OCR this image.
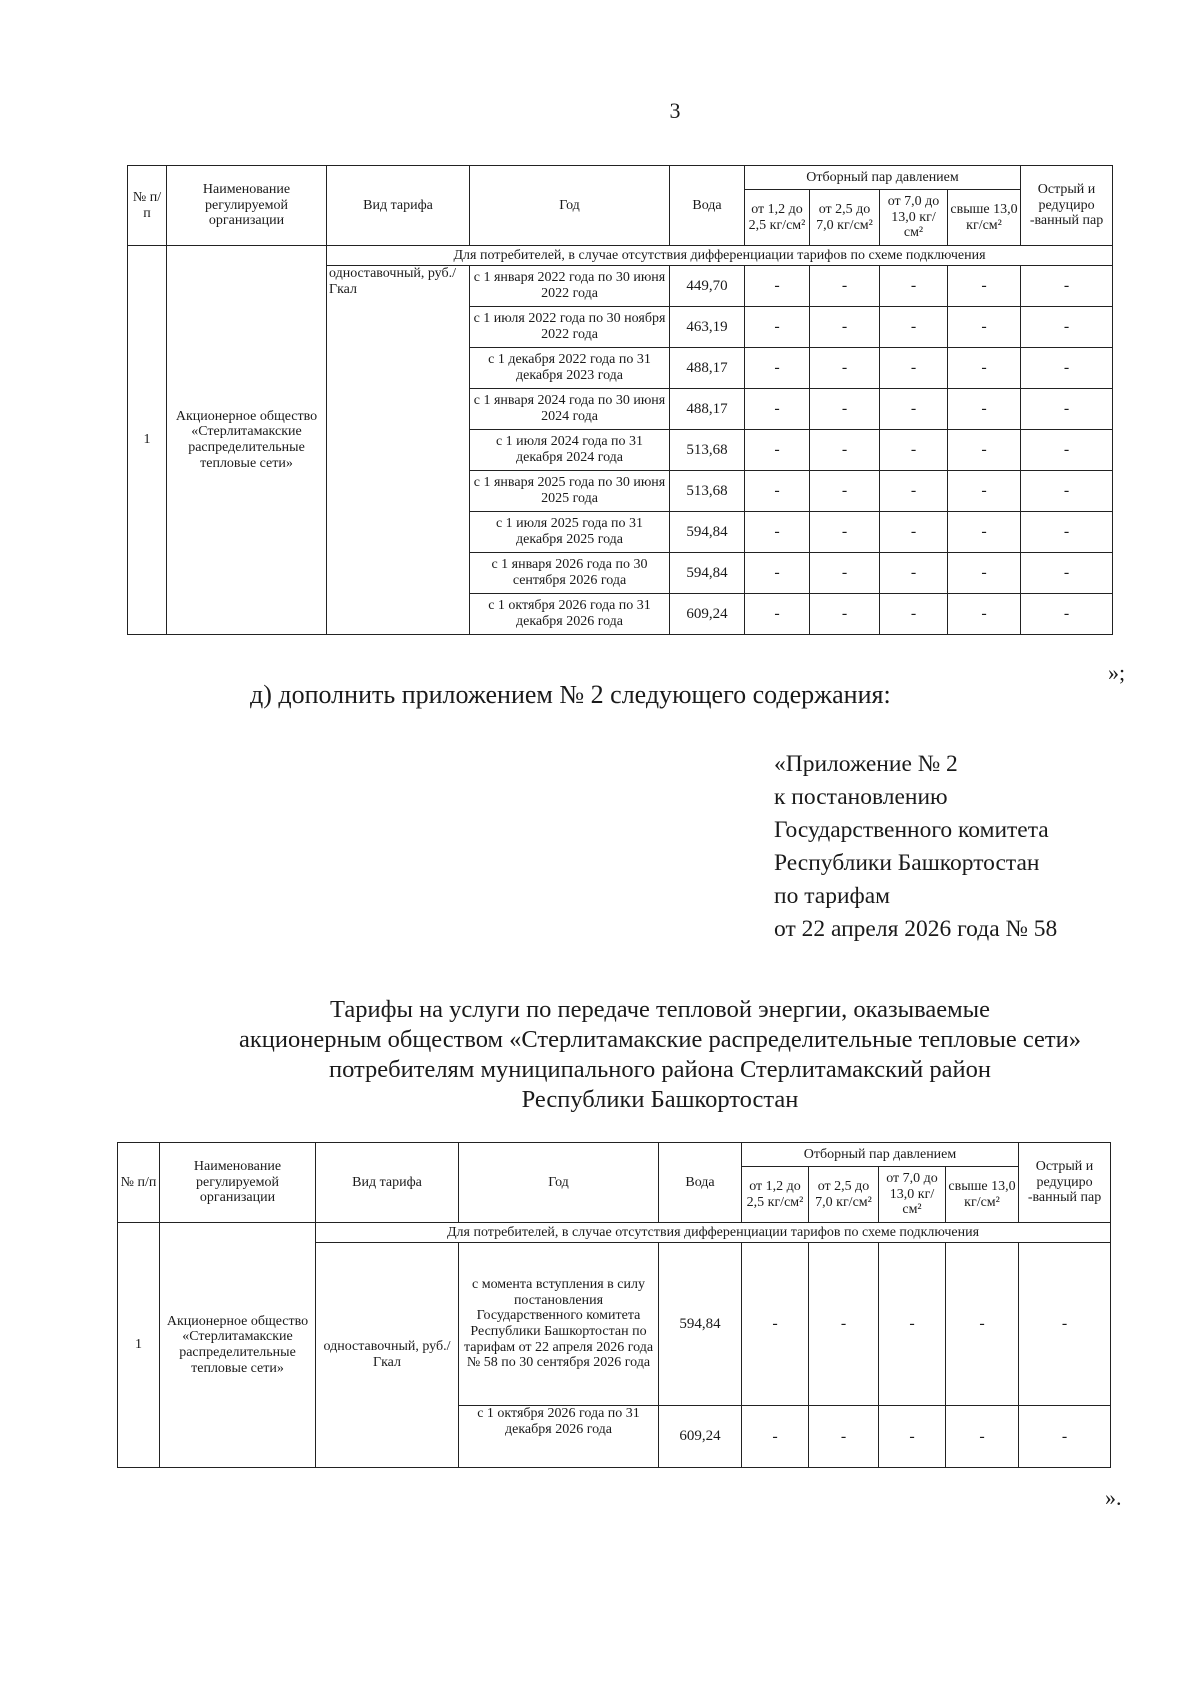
3
№ п/п	Наименование регулируемой организации	Вид тарифа	Год	Вода	Отборный пар давлением				Острый и редуциро -ванный пар
					от 1,2 до 2,5 кг/см²	от 2,5 до 7,0 кг/см²	от 7,0 до 13,0 кг/см²	свыше 13,0 кг/см²	
1	Акционерное общество «Стерлитамакские распределительные тепловые сети»	Для потребителей, в случае отсутствия дифференциации тарифов по схеме подключения							
		одноставочный, руб./Гкал	с 1 января 2022 года по 30 июня 2022 года	449,70	-	-	-	-	-
			с 1 июля 2022 года по 30 ноября 2022 года	463,19	-	-	-	-	-
			с 1 декабря 2022 года по 31 декабря 2023 года	488,17	-	-	-	-	-
			с 1 января 2024 года по 30 июня 2024 года	488,17	-	-	-	-	-
			с 1 июля 2024 года по 31 декабря 2024 года	513,68	-	-	-	-	-
			с 1 января 2025 года по 30 июня 2025 года	513,68	-	-	-	-	-
			с 1 июля 2025 года по 31 декабря 2025 года	594,84	-	-	-	-	-
			с 1 января 2026 года по 30 сентября 2026 года	594,84	-	-	-	-	-
			с 1 октября 2026 года по 31 декабря 2026 года	609,24	-	-	-	-	-
»;
д) дополнить приложением № 2 следующего содержания:
«Приложение № 2
к постановлению
Государственного комитета
Республики Башкортостан
по тарифам
от 22 апреля 2026 года № 58
Тарифы на услуги по передаче тепловой энергии, оказываемые
акционерным обществом «Стерлитамакские распределительные тепловые сети»
потребителям муниципального района Стерлитамакский район
Республики Башкортостан
№ п/п	Наименование регулируемой организации	Вид тарифа	Год	Вода	Отборный пар давлением				Острый и редуциро -ванный пар
					от 1,2 до 2,5 кг/см²	от 2,5 до 7,0 кг/см²	от 7,0 до 13,0 кг/см²	свыше 13,0 кг/см²	
1	Акционерное общество «Стерлитамакские распределительные тепловые сети»	Для потребителей, в случае отсутствия дифференциации тарифов по схеме подключения							
		одноставочный, руб./Гкал	с момента вступления в силу постановления Государственного комитета Республики Башкортостан по тарифам от 22 апреля 2026 года № 58 по 30 сентября 2026 года	594,84	-	-	-	-	-
			с 1 октября 2026 года по 31 декабря 2026 года	609,24	-	-	-	-	-
».
